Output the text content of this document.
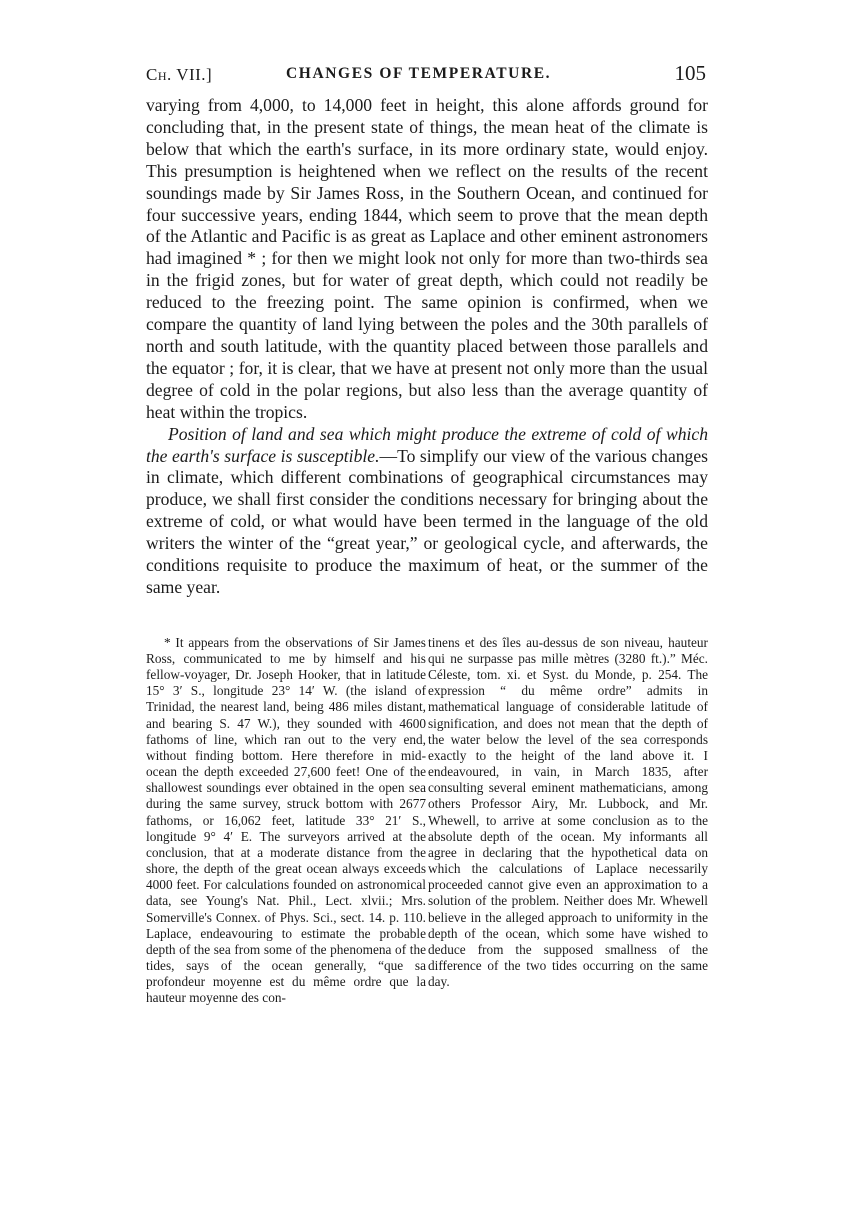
Ch. VII.]	CHANGES OF TEMPERATURE.	105

varying from 4,000, to 14,000 feet in height, this alone affords ground for concluding that, in the present state of things, the mean heat of the climate is below that which the earth's surface, in its more ordinary state, would enjoy. This presumption is heightened when we reflect on the results of the recent soundings made by Sir James Ross, in the Southern Ocean, and continued for four successive years, ending 1844, which seem to prove that the mean depth of the Atlantic and Pacific is as great as Laplace and other eminent astronomers had imagined * ; for then we might look not only for more than two-thirds sea in the frigid zones, but for water of great depth, which could not readily be reduced to the freezing point. The same opinion is confirmed, when we compare the quantity of land lying between the poles and the 30th parallels of north and south latitude, with the quantity placed between those parallels and the equator ; for, it is clear, that we have at present not only more than the usual degree of cold in the polar regions, but also less than the average quantity of heat within the tropics.

Position of land and sea which might produce the extreme of cold of which the earth's surface is susceptible.—To simplify our view of the various changes in climate, which different combinations of geographical circumstances may produce, we shall first consider the conditions necessary for bringing about the extreme of cold, or what would have been termed in the language of the old writers the winter of the “great year,” or geological cycle, and afterwards, the conditions requisite to produce the maximum of heat, or the summer of the same year.

* It appears from the observations of Sir James Ross, communicated to me by himself and his fellow-voyager, Dr. Joseph Hooker, that in latitude 15° 3′ S., longitude 23° 14′ W. (the island of Trinidad, the nearest land, being 486 miles distant, and bearing S. 47 W.), they sounded with 4600 fathoms of line, which ran out to the very end, without finding bottom. Here therefore in mid-ocean the depth exceeded 27,600 feet! One of the shallowest soundings ever obtained in the open sea during the same survey, struck bottom with 2677 fathoms, or 16,062 feet, latitude 33° 21′ S., longitude 9° 4′ E. The surveyors arrived at the conclusion, that at a moderate distance from the shore, the depth of the great ocean always exceeds 4000 feet. For calculations founded on astronomical data, see Young's Nat. Phil., Lect. xlvii.; Mrs. Somerville's Connex. of Phys. Sci., sect. 14. p. 110. Laplace, endeavouring to estimate the probable depth of the sea from some of the phenomena of the tides, says of the ocean generally, “que sa profondeur moyenne est du même ordre que la hauteur moyenne des con-

tinens et des îles au-dessus de son niveau, hauteur qui ne surpasse pas mille mètres (3280 ft.).” Méc. Céleste, tom. xi. et Syst. du Monde, p. 254. The expression “ du même ordre” admits in mathematical language of considerable latitude of signification, and does not mean that the depth of the water below the level of the sea corresponds exactly to the height of the land above it. I endeavoured, in vain, in March 1835, after consulting several eminent mathematicians, among others Professor Airy, Mr. Lubbock, and Mr. Whewell, to arrive at some conclusion as to the absolute depth of the ocean. My informants all agree in declaring that the hypothetical data on which the calculations of Laplace necessarily proceeded cannot give even an approximation to a solution of the problem. Neither does Mr. Whewell believe in the alleged approach to uniformity in the depth of the ocean, which some have wished to deduce from the supposed smallness of the difference of the two tides occurring on the same day.
